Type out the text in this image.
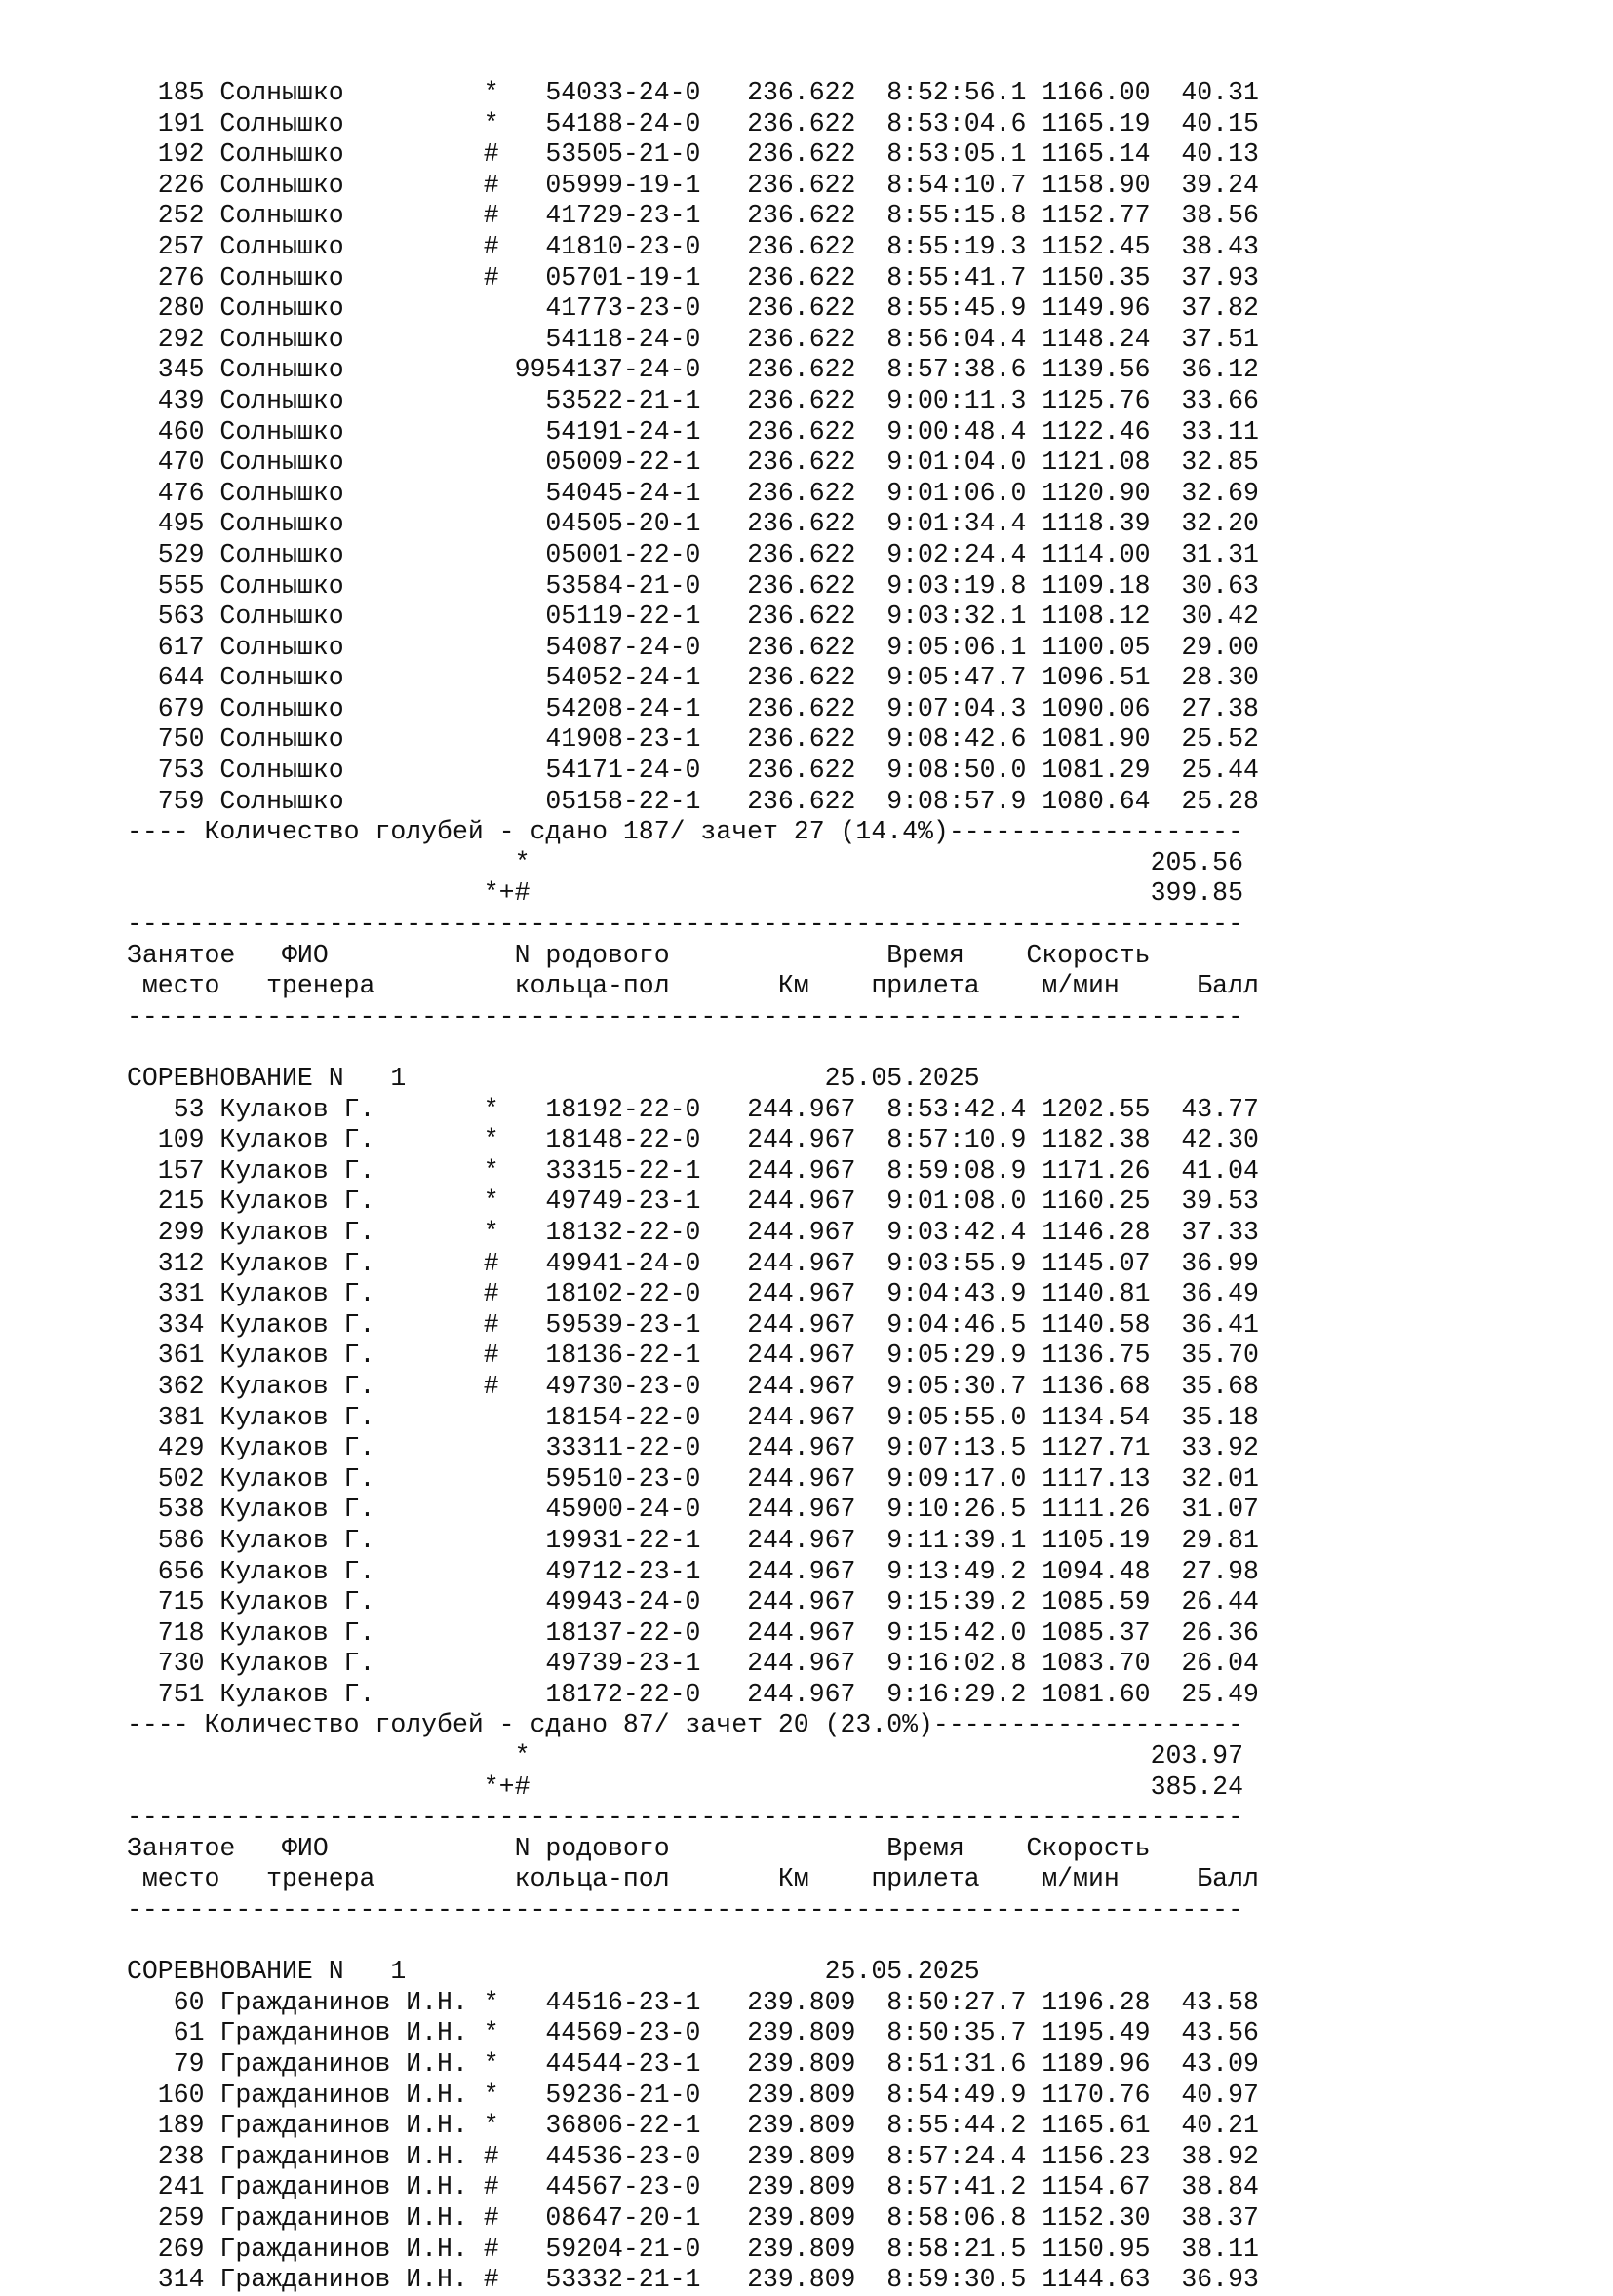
185 Солнышко         *   54033-24-0   236.622  8:52:56.1 1166.00  40.31
191 Солнышко         *   54188-24-0   236.622  8:53:04.6 1165.19  40.15
192 Солнышко         #   53505-21-0   236.622  8:53:05.1 1165.14  40.13
226 Солнышко         #   05999-19-1   236.622  8:54:10.7 1158.90  39.24
252 Солнышко         #   41729-23-1   236.622  8:55:15.8 1152.77  38.56
257 Солнышко         #   41810-23-0   236.622  8:55:19.3 1152.45  38.43
276 Солнышко         #   05701-19-1   236.622  8:55:41.7 1150.35  37.93
280 Солнышко             41773-23-0   236.622  8:55:45.9 1149.96  37.82
292 Солнышко             54118-24-0   236.622  8:56:04.4 1148.24  37.51
345 Солнышко           9954137-24-0   236.622  8:57:38.6 1139.56  36.12
439 Солнышко             53522-21-1   236.622  9:00:11.3 1125.76  33.66
460 Солнышко             54191-24-1   236.622  9:00:48.4 1122.46  33.11
470 Солнышко             05009-22-1   236.622  9:01:04.0 1121.08  32.85
476 Солнышко             54045-24-1   236.622  9:01:06.0 1120.90  32.69
495 Солнышко             04505-20-1   236.622  9:01:34.4 1118.39  32.20
529 Солнышко             05001-22-0   236.622  9:02:24.4 1114.00  31.31
555 Солнышко             53584-21-0   236.622  9:03:19.8 1109.18  30.63
563 Солнышко             05119-22-1   236.622  9:03:32.1 1108.12  30.42
617 Солнышко             54087-24-0   236.622  9:05:06.1 1100.05  29.00
644 Солнышко             54052-24-1   236.622  9:05:47.7 1096.51  28.30
679 Солнышко             54208-24-1   236.622  9:07:04.3 1090.06  27.38
750 Солнышко             41908-23-1   236.622  9:08:42.6 1081.90  25.52
753 Солнышко             54171-24-0   236.622  9:08:50.0 1081.29  25.44
759 Солнышко             05158-22-1   236.622  9:08:57.9 1080.64  25.28
---- Количество голубей - сдано 187/ зачет 27 (14.4%)-------------------
*                                        205.56
*+#                                        399.85
------------------------------------------------------------------------
Занятое   ФИО            N родового              Время    Скорость
место   тренера         кольца-пол       Км    прилета    м/мин     Балл
------------------------------------------------------------------------

СОРЕВНОВАНИЕ N   1                           25.05.2025
53 Кулаков Г.       *   18192-22-0   244.967  8:53:42.4 1202.55  43.77
109 Кулаков Г.       *   18148-22-0   244.967  8:57:10.9 1182.38  42.30
157 Кулаков Г.       *   33315-22-1   244.967  8:59:08.9 1171.26  41.04
215 Кулаков Г.       *   49749-23-1   244.967  9:01:08.0 1160.25  39.53
299 Кулаков Г.       *   18132-22-0   244.967  9:03:42.4 1146.28  37.33
312 Кулаков Г.       #   49941-24-0   244.967  9:03:55.9 1145.07  36.99
331 Кулаков Г.       #   18102-22-0   244.967  9:04:43.9 1140.81  36.49
334 Кулаков Г.       #   59539-23-1   244.967  9:04:46.5 1140.58  36.41
361 Кулаков Г.       #   18136-22-1   244.967  9:05:29.9 1136.75  35.70
362 Кулаков Г.       #   49730-23-0   244.967  9:05:30.7 1136.68  35.68
381 Кулаков Г.           18154-22-0   244.967  9:05:55.0 1134.54  35.18
429 Кулаков Г.           33311-22-0   244.967  9:07:13.5 1127.71  33.92
502 Кулаков Г.           59510-23-0   244.967  9:09:17.0 1117.13  32.01
538 Кулаков Г.           45900-24-0   244.967  9:10:26.5 1111.26  31.07
586 Кулаков Г.           19931-22-1   244.967  9:11:39.1 1105.19  29.81
656 Кулаков Г.           49712-23-1   244.967  9:13:49.2 1094.48  27.98
715 Кулаков Г.           49943-24-0   244.967  9:15:39.2 1085.59  26.44
718 Кулаков Г.           18137-22-0   244.967  9:15:42.0 1085.37  26.36
730 Кулаков Г.           49739-23-1   244.967  9:16:02.8 1083.70  26.04
751 Кулаков Г.           18172-22-0   244.967  9:16:29.2 1081.60  25.49
---- Количество голубей - сдано 87/ зачет 20 (23.0%)--------------------
*                                        203.97
*+#                                        385.24
------------------------------------------------------------------------
Занятое   ФИО            N родового              Время    Скорость
место   тренера         кольца-пол       Км    прилета    м/мин     Балл
------------------------------------------------------------------------

СОРЕВНОВАНИЕ N   1                           25.05.2025
60 Гражданинов И.Н. *   44516-23-1   239.809  8:50:27.7 1196.28  43.58
61 Гражданинов И.Н. *   44569-23-0   239.809  8:50:35.7 1195.49  43.56
79 Гражданинов И.Н. *   44544-23-1   239.809  8:51:31.6 1189.96  43.09
160 Гражданинов И.Н. *   59236-21-0   239.809  8:54:49.9 1170.76  40.97
189 Гражданинов И.Н. *   36806-22-1   239.809  8:55:44.2 1165.61  40.21
238 Гражданинов И.Н. #   44536-23-0   239.809  8:57:24.4 1156.23  38.92
241 Гражданинов И.Н. #   44567-23-0   239.809  8:57:41.2 1154.67  38.84
259 Гражданинов И.Н. #   08647-20-1   239.809  8:58:06.8 1152.30  38.37
269 Гражданинов И.Н. #   59204-21-0   239.809  8:58:21.5 1150.95  38.11
314 Гражданинов И.Н. #   53332-21-1   239.809  8:59:30.5 1144.63  36.93
